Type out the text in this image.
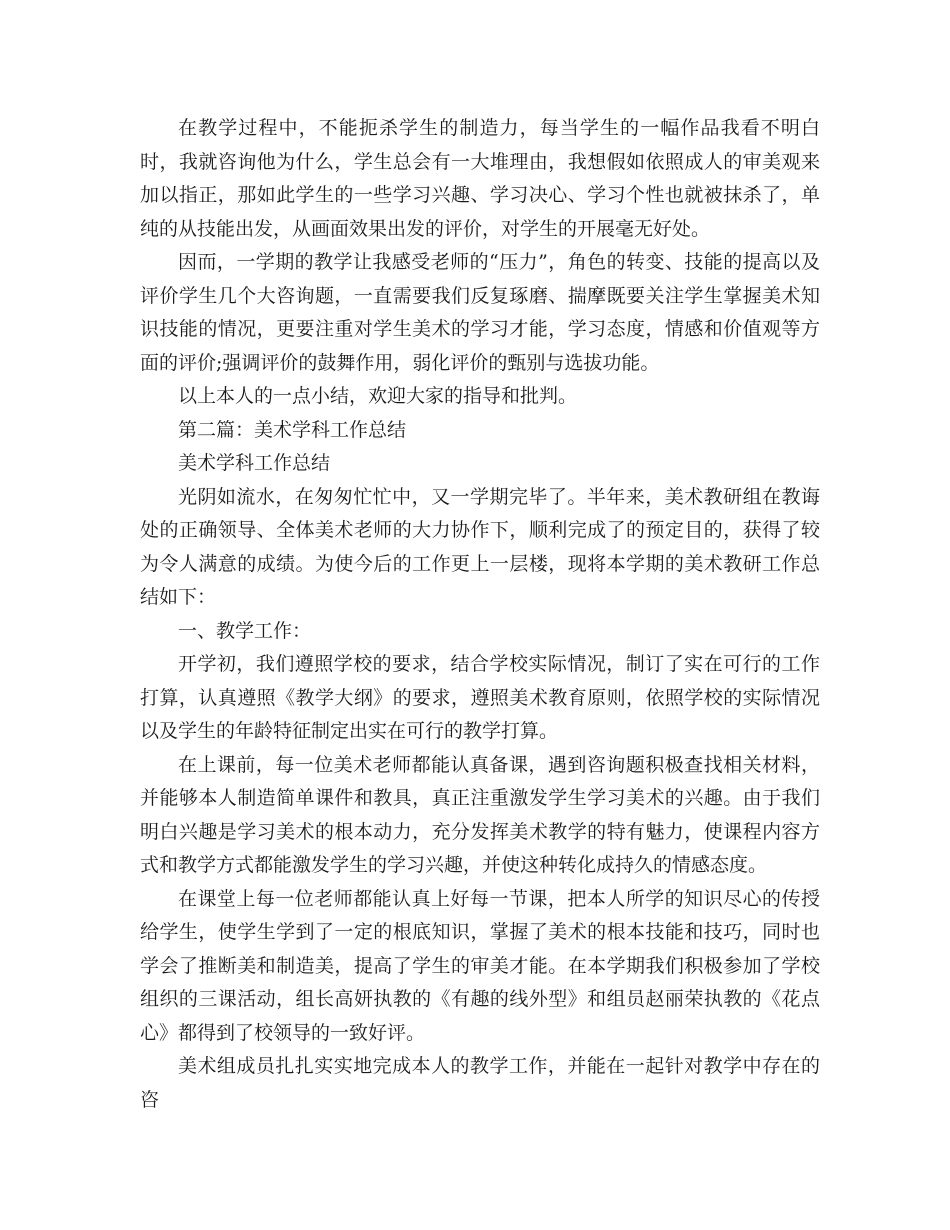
在教学过程中，不能扼杀学生的制造力，每当学生的一幅作品我看不明白时，我就咨询他为什么，学生总会有一大堆理由，我想假如依照成人的审美观来加以指正，那如此学生的一些学习兴趣、学习决心、学习个性也就被抹杀了，单纯的从技能出发，从画面效果出发的评价，对学生的开展毫无好处。

因而，一学期的教学让我感受老师的“压力”，角色的转变、技能的提高以及评价学生几个大咨询题，一直需要我们反复琢磨、揣摩既要关注学生掌握美术知识技能的情况，更要注重对学生美术的学习才能，学习态度，情感和价值观等方面的评价;强调评价的鼓舞作用，弱化评价的甄别与选拔功能。

以上本人的一点小结，欢迎大家的指导和批判。

第二篇：美术学科工作总结

美术学科工作总结

光阴如流水，在匆匆忙忙中，又一学期完毕了。半年来，美术教研组在教诲处的正确领导、全体美术老师的大力协作下，顺利完成了的预定目的，获得了较为令人满意的成绩。为使今后的工作更上一层楼，现将本学期的美术教研工作总结如下：

一、教学工作：

开学初，我们遵照学校的要求，结合学校实际情况，制订了实在可行的工作打算，认真遵照《教学大纲》的要求，遵照美术教育原则，依照学校的实际情况以及学生的年龄特征制定出实在可行的教学打算。

在上课前，每一位美术老师都能认真备课，遇到咨询题积极查找相关材料，并能够本人制造简单课件和教具，真正注重激发学生学习美术的兴趣。由于我们明白兴趣是学习美术的根本动力，充分发挥美术教学的特有魅力，使课程内容方式和教学方式都能激发学生的学习兴趣，并使这种转化成持久的情感态度。

在课堂上每一位老师都能认真上好每一节课，把本人所学的知识尽心的传授给学生，使学生学到了一定的根底知识，掌握了美术的根本技能和技巧，同时也学会了推断美和制造美，提高了学生的审美才能。在本学期我们积极参加了学校组织的三课活动，组长高妍执教的《有趣的线外型》和组员赵丽荣执教的《花点心》都得到了校领导的一致好评。

美术组成员扎扎实实地完成本人的教学工作，并能在一起针对教学中存在的咨
